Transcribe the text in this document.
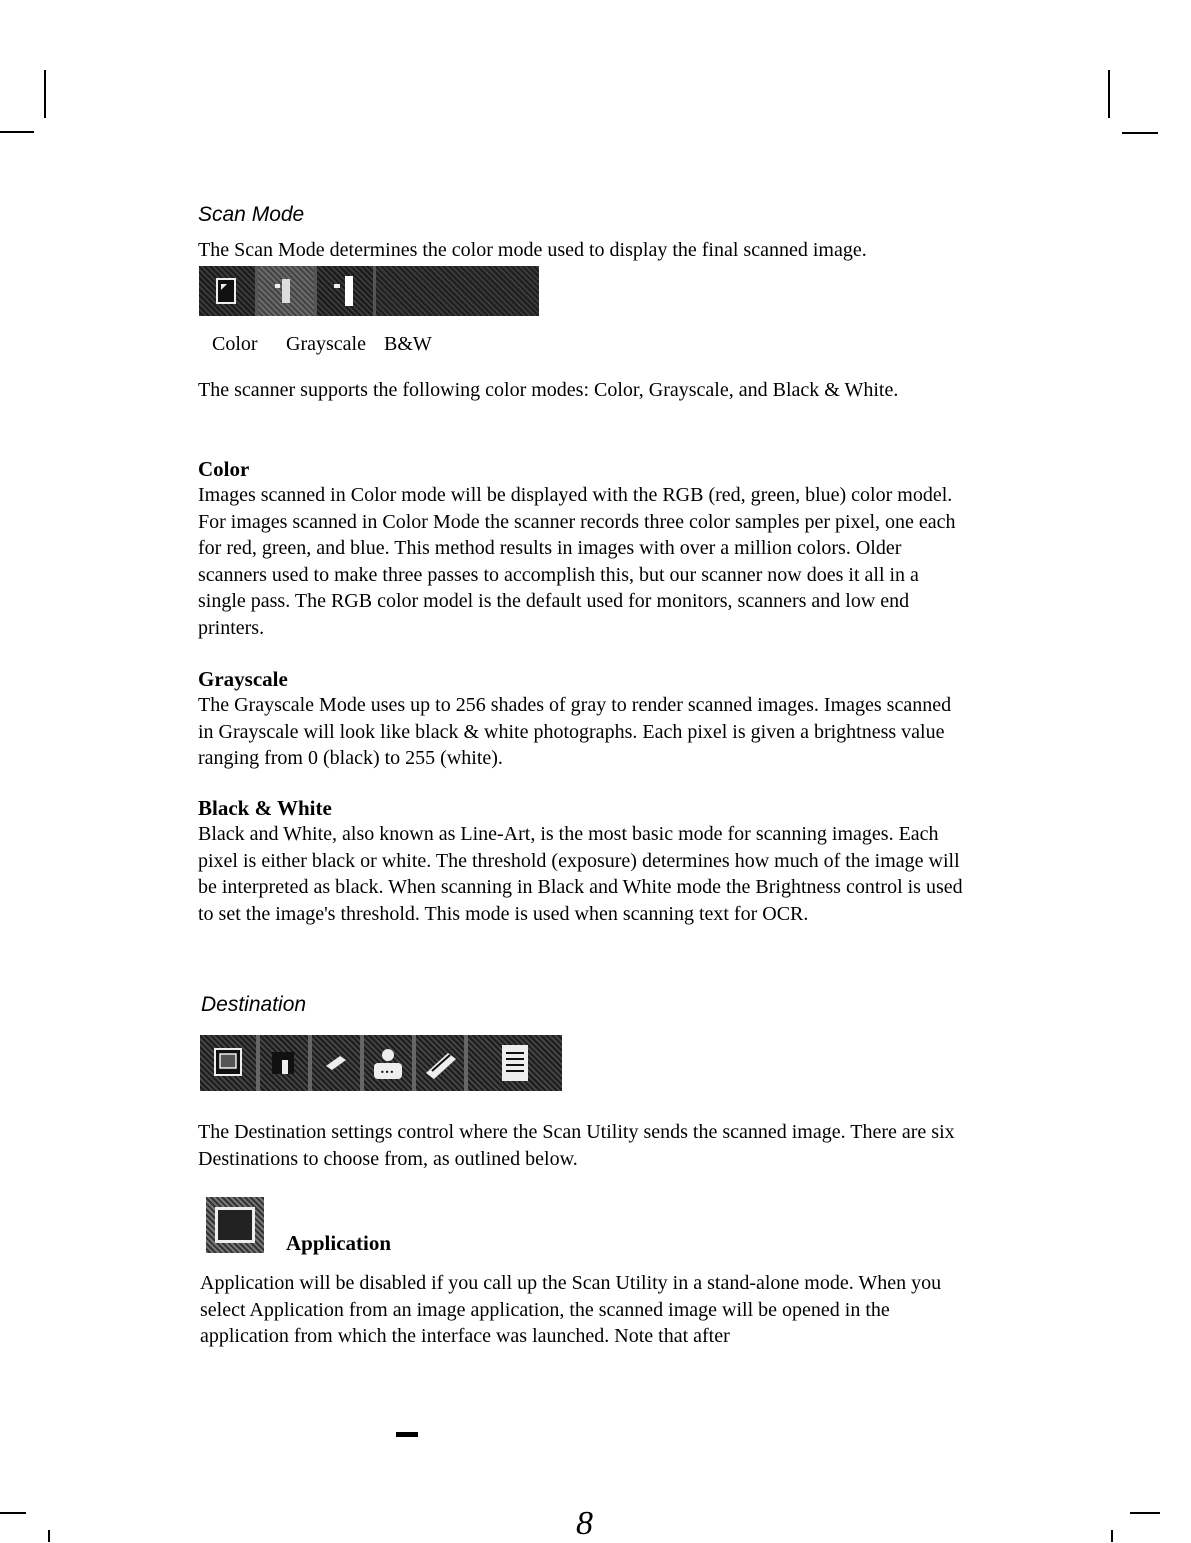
Scan Mode

The Scan Mode determines the color mode used to display the final scanned image.

Color Grayscale B&W

The scanner supports the following color modes: Color, Grayscale, and Black & White.

Color

Images scanned in Color mode will be displayed with the RGB (red, green, blue) color model. For images scanned in Color Mode the scanner records three color samples per pixel, one each for red, green, and blue. This method results in images with over a million colors. Older scanners used to make three passes to accomplish this, but our scanner now does it all in a single pass. The RGB color model is the default used for monitors, scanners and low end printers.

Grayscale

The Grayscale Mode uses up to 256 shades of gray to render scanned images. Images scanned in Grayscale will look like black & white photographs. Each pixel is given a brightness value ranging from 0 (black) to 255 (white).

Black & White

Black and White, also known as Line-Art, is the most basic mode for scanning images. Each pixel is either black or white. The threshold (exposure) determines how much of the image will be interpreted as black. When scanning in Black and White mode the Brightness control is used to set the image's threshold. This mode is used when scanning text for OCR.

Destination
•••

The Destination settings control where the Scan Utility sends the scanned image. There are six Destinations to choose from, as outlined below.

Application

Application will be disabled if you call up the Scan Utility in a stand-alone mode. When you select Application from an image application, the scanned image will be opened in the application from which the interface was launched. Note that after

8
